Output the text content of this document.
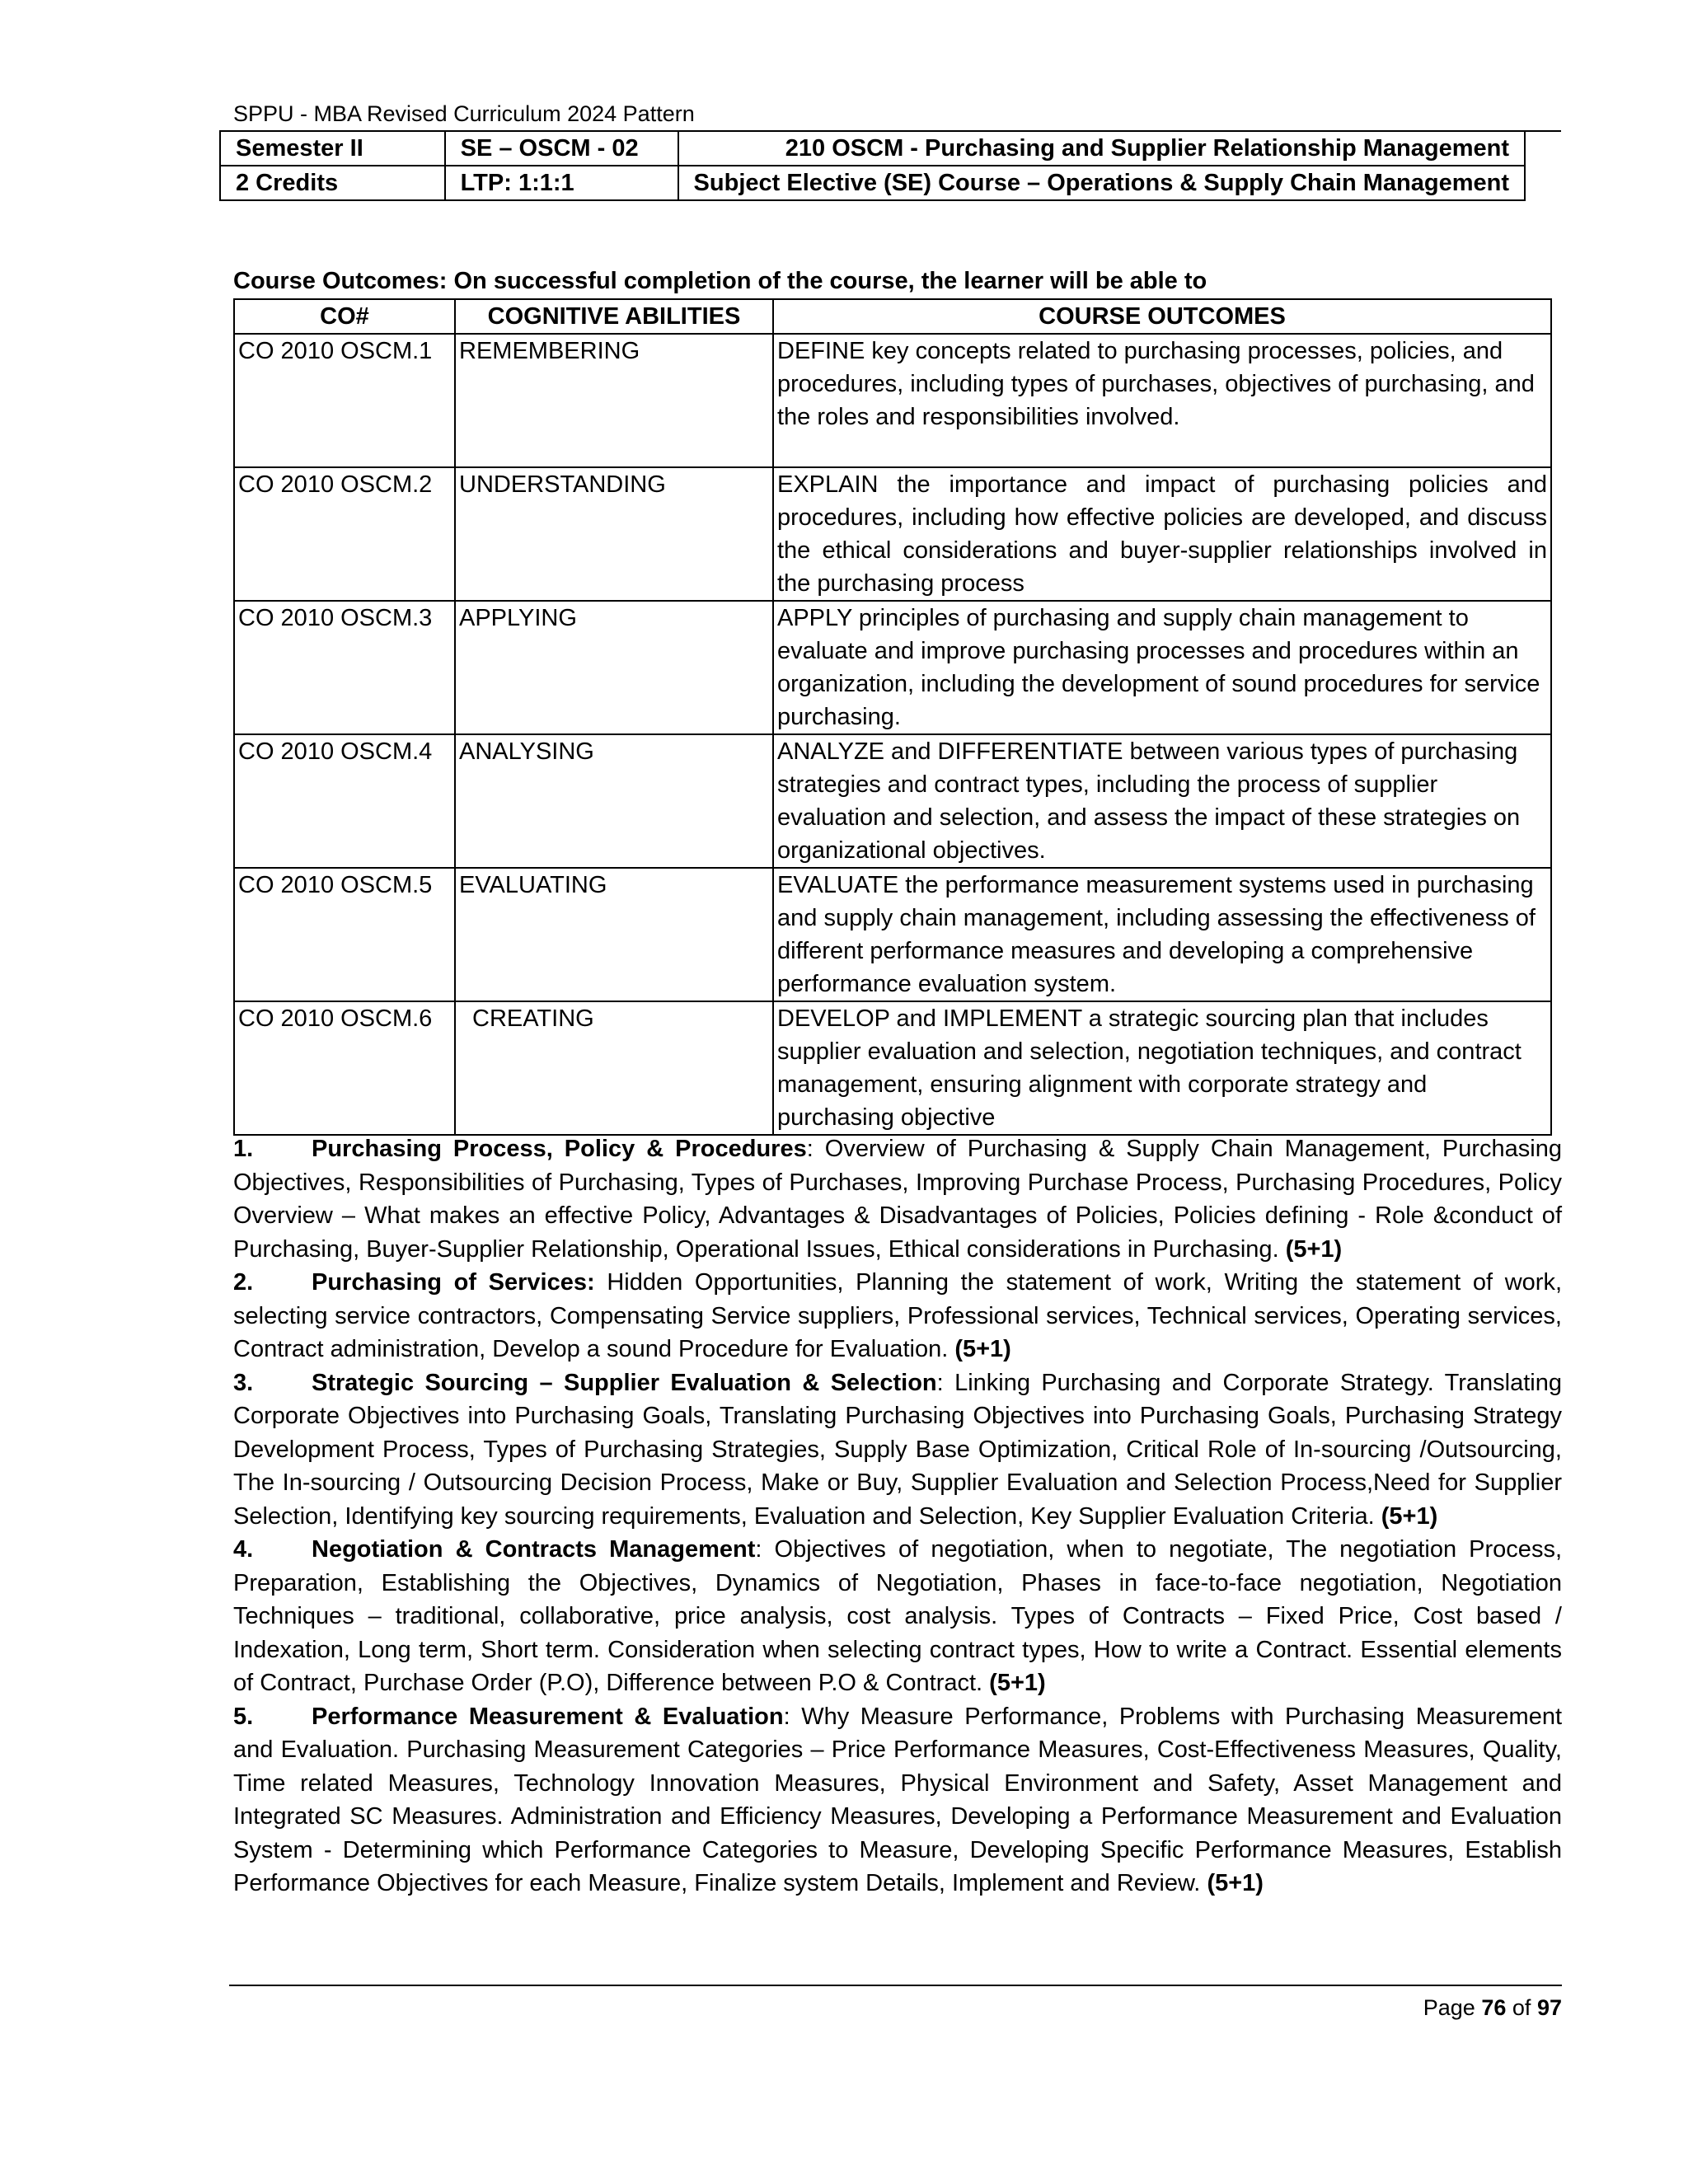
SPPU - MBA Revised Curriculum 2024 Pattern
Semester II	SE – OSCM - 02	210 OSCM - Purchasing and Supplier Relationship Management
2 Credits	LTP: 1:1:1	Subject Elective (SE) Course – Operations & Supply Chain Management
Course Outcomes: On successful completion of the course, the learner will be able to
CO#	COGNITIVE ABILITIES	COURSE OUTCOMES
CO 2010 OSCM.1	REMEMBERING	DEFINE key concepts related to purchasing processes, policies, and procedures, including types of purchases, objectives of purchasing, and the roles and responsibilities involved.
CO 2010 OSCM.2	UNDERSTANDING	EXPLAIN the importance and impact of purchasing policies and procedures, including how effective policies are developed, and discuss the ethical considerations and buyer-supplier relationships involved in the purchasing process
CO 2010 OSCM.3	APPLYING	APPLY principles of purchasing and supply chain management to evaluate and improve purchasing processes and procedures within an organization, including the development of sound procedures for service purchasing.
CO 2010 OSCM.4	ANALYSING	ANALYZE and DIFFERENTIATE between various types of purchasing strategies and contract types, including the process of supplier evaluation and selection, and assess the impact of these strategies on organizational objectives.
CO 2010 OSCM.5	EVALUATING	EVALUATE the performance measurement systems used in purchasing and supply chain management, including assessing the effectiveness of different performance measures and developing a comprehensive performance evaluation system.
CO 2010 OSCM.6	CREATING	DEVELOP and IMPLEMENT a strategic sourcing plan that includes supplier evaluation and selection, negotiation techniques, and contract management, ensuring alignment with corporate strategy and purchasing objective

1. Purchasing Process, Policy & Procedures: Overview of Purchasing & Supply Chain Management, Purchasing Objectives, Responsibilities of Purchasing, Types of Purchases, Improving Purchase Process, Purchasing Procedures, Policy Overview – What makes an effective Policy, Advantages & Disadvantages of Policies, Policies defining - Role &conduct of Purchasing, Buyer-Supplier Relationship, Operational Issues, Ethical considerations in Purchasing. (5+1)

2. Purchasing of Services: Hidden Opportunities, Planning the statement of work, Writing the statement of work, selecting service contractors, Compensating Service suppliers, Professional services, Technical services, Operating services, Contract administration, Develop a sound Procedure for Evaluation. (5+1)

3. Strategic Sourcing – Supplier Evaluation & Selection: Linking Purchasing and Corporate Strategy. Translating Corporate Objectives into Purchasing Goals, Translating Purchasing Objectives into Purchasing Goals, Purchasing Strategy Development Process, Types of Purchasing Strategies, Supply Base Optimization, Critical Role of In-sourcing /Outsourcing, The In-sourcing / Outsourcing Decision Process, Make or Buy, Supplier Evaluation and Selection Process,Need for Supplier Selection, Identifying key sourcing requirements, Evaluation and Selection, Key Supplier Evaluation Criteria. (5+1)

4. Negotiation & Contracts Management: Objectives of negotiation, when to negotiate, The negotiation Process, Preparation, Establishing the Objectives, Dynamics of Negotiation, Phases in face-to-face negotiation, Negotiation Techniques – traditional, collaborative, price analysis, cost analysis. Types of Contracts – Fixed Price, Cost based / Indexation, Long term, Short term. Consideration when selecting contract types, How to write a Contract. Essential elements of Contract, Purchase Order (P.O), Difference between P.O & Contract. (5+1)

5. Performance Measurement & Evaluation: Why Measure Performance, Problems with Purchasing Measurement and Evaluation. Purchasing Measurement Categories – Price Performance Measures, Cost-Effectiveness Measures, Quality, Time related Measures, Technology Innovation Measures, Physical Environment and Safety, Asset Management and Integrated SC Measures. Administration and Efficiency Measures, Developing a Performance Measurement and Evaluation System - Determining which Performance Categories to Measure, Developing Specific Performance Measures, Establish Performance Objectives for each Measure, Finalize system Details, Implement and Review. (5+1)

Page 76 of 97
